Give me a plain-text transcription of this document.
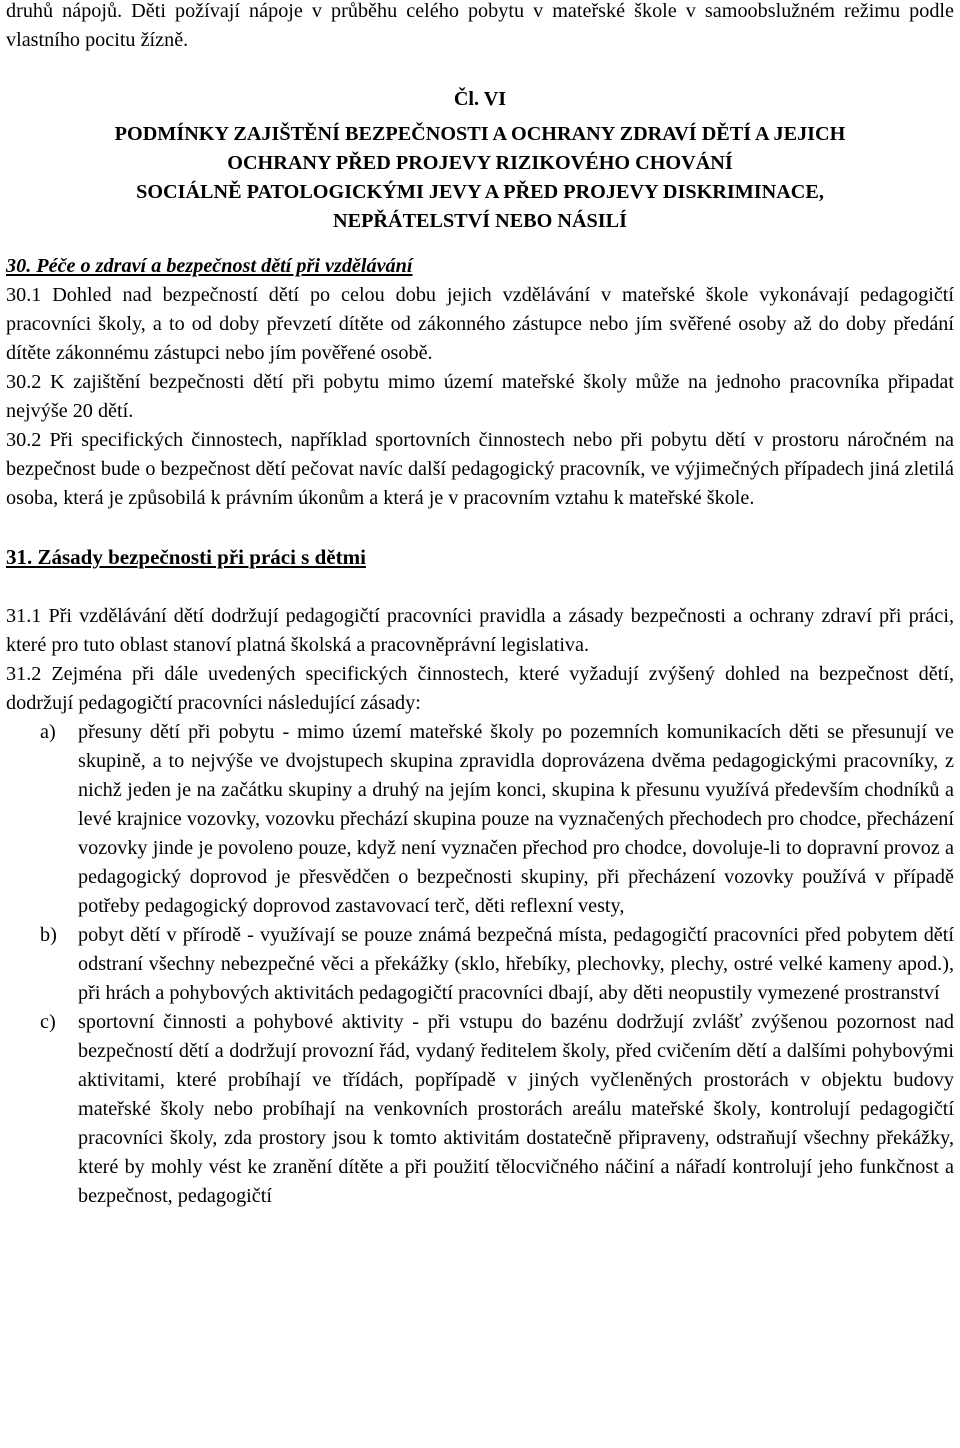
druhů nápojů. Děti požívají nápoje v průběhu celého pobytu v mateřské škole v samoobslužném režimu podle vlastního pocitu žízně.

Čl. VI

PODMÍNKY ZAJIŠTĚNÍ BEZPEČNOSTI A OCHRANY ZDRAVÍ DĚTÍ A JEJICH

OCHRANY PŘED PROJEVY RIZIKOVÉHO CHOVÁNÍ

SOCIÁLNĚ PATOLOGICKÝMI JEVY A PŘED PROJEVY DISKRIMINACE,

NEPŘÁTELSTVÍ NEBO NÁSILÍ

30. Péče o zdraví a bezpečnost dětí při vzdělávání

30.1 Dohled nad bezpečností dětí po celou dobu jejich vzdělávání v mateřské škole vykonávají pedagogičtí pracovníci školy, a to od doby převzetí dítěte od zákonného zástupce nebo jím svěřené osoby až do doby předání dítěte zákonnému zástupci nebo jím pověřené osobě.

30.2 K zajištění bezpečnosti dětí při pobytu mimo území mateřské školy může na jednoho pracovníka připadat nejvýše 20 dětí.

30.2 Při specifických činnostech, například sportovních činnostech nebo při pobytu dětí v prostoru náročném na bezpečnost bude o bezpečnost dětí pečovat navíc další pedagogický pracovník, ve výjimečných případech jiná zletilá osoba, která je způsobilá k právním úkonům a která je v pracovním vztahu k mateřské škole.

31. Zásady bezpečnosti při práci s dětmi

31.1 Při vzdělávání dětí dodržují pedagogičtí pracovníci pravidla a zásady bezpečnosti a ochrany zdraví při práci, které pro tuto oblast stanoví platná školská a pracovněprávní legislativa.

31.2 Zejména při dále uvedených specifických činnostech, které vyžadují zvýšený dohled na bezpečnost dětí, dodržují pedagogičtí pracovníci následující zásady:

a) přesuny dětí při pobytu - mimo území mateřské školy po pozemních komunikacích děti se přesunují ve skupině, a to nejvýše ve dvojstupech skupina zpravidla doprovázena dvěma pedagogickými pracovníky, z nichž jeden je na začátku skupiny a druhý na jejím konci, skupina k přesunu využívá především chodníků a levé krajnice vozovky, vozovku přechází skupina pouze na vyznačených přechodech pro chodce, přecházení vozovky jinde je povoleno pouze, když není vyznačen přechod pro chodce, dovoluje-li to dopravní provoz a pedagogický doprovod je přesvědčen o bezpečnosti skupiny, při přecházení vozovky používá v případě potřeby pedagogický doprovod zastavovací terč, děti reflexní vesty,
b) pobyt dětí v přírodě - využívají se pouze známá bezpečná místa, pedagogičtí pracovníci před pobytem dětí odstraní všechny nebezpečné věci a překážky (sklo, hřebíky, plechovky, plechy, ostré velké kameny apod.), při hrách a pohybových aktivitách pedagogičtí pracovníci dbají, aby děti neopustily vymezené prostranství
c) sportovní činnosti a pohybové aktivity - při vstupu do bazénu dodržují zvlášť zvýšenou pozornost nad bezpečností dětí a dodržují provozní řád, vydaný ředitelem školy, před cvičením dětí a dalšími pohybovými aktivitami, které probíhají ve třídách, popřípadě v jiných vyčleněných prostorách v objektu budovy mateřské školy nebo probíhají na venkovních prostorách areálu mateřské školy, kontrolují pedagogičtí pracovníci školy, zda prostory jsou k tomto aktivitám dostatečně připraveny, odstraňují všechny překážky, které by mohly vést ke zranění dítěte a při použití tělocvičného náčiní a nářadí kontrolují jeho funkčnost a bezpečnost, pedagogičtí
